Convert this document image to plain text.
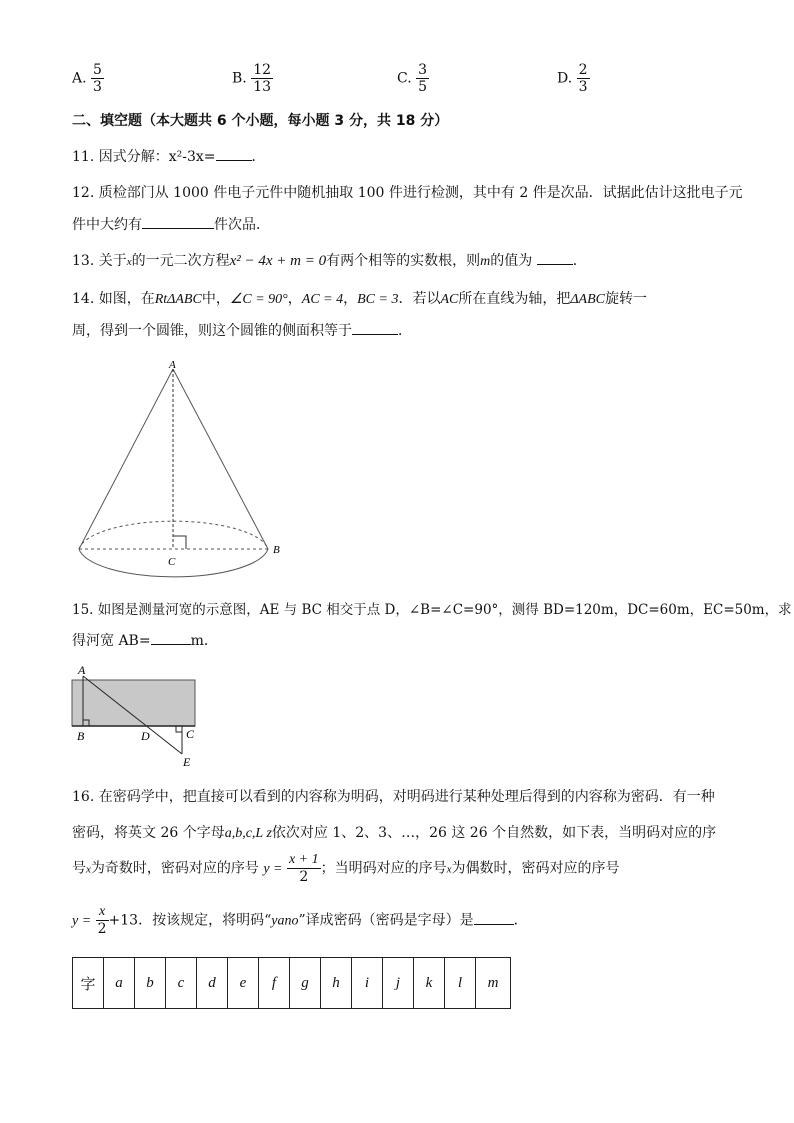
A. $\frac{5}{3}$	B. $\frac{12}{13}$	C. $\frac{3}{5}$	D. $\frac{2}{3}$
二、填空题（本大题共 6 个小题，每小题 3 分，共 18 分）
11. 因式分解：x²-3x=	．
12. 质检部门从 1000 件电子元件中随机抽取 100 件进行检测，其中有 2 件是次品．试据此估计这批电子元
件中大约有	件次品．
13. 关于x的一元二次方程x² − 4x + m = 0有两个相等的实数根，则m的值为	．
14. 如图，在RtΔABC中，∠C = 90°，AC = 4，BC = 3．若以AC所在直线为轴，把ΔABC旋转一
周，得到一个圆锥，则这个圆锥的侧面积等于	．
A
B
C
15. 如图是测量河宽的示意图，AE 与 BC 相交于点 D，∠B=∠C=90°，测得 BD=120m，DC=60m，EC=50m，求
得河宽 AB=	m．
A
B	D	C
E
16. 在密码学中，把直接可以看到的内容称为明码，对明码进行某种处理后得到的内容称为密码．有一种
密码，将英文 26 个字母a,b,c,L z依次对应 1、2、3、…，26 这 26 个自然数，如下表，当明码对应的序
号x为奇数时，密码对应的序号 $y = \frac{x + 1}{2}$ ；当明码对应的序号x为偶数时，密码对应的序号
$y = \frac{x}{2} +13$．按该规定，将明码“yano”译成密码（密码是字母）是	．
字	a	b	c	d	e	f	g	h	i	j	k	l	m
